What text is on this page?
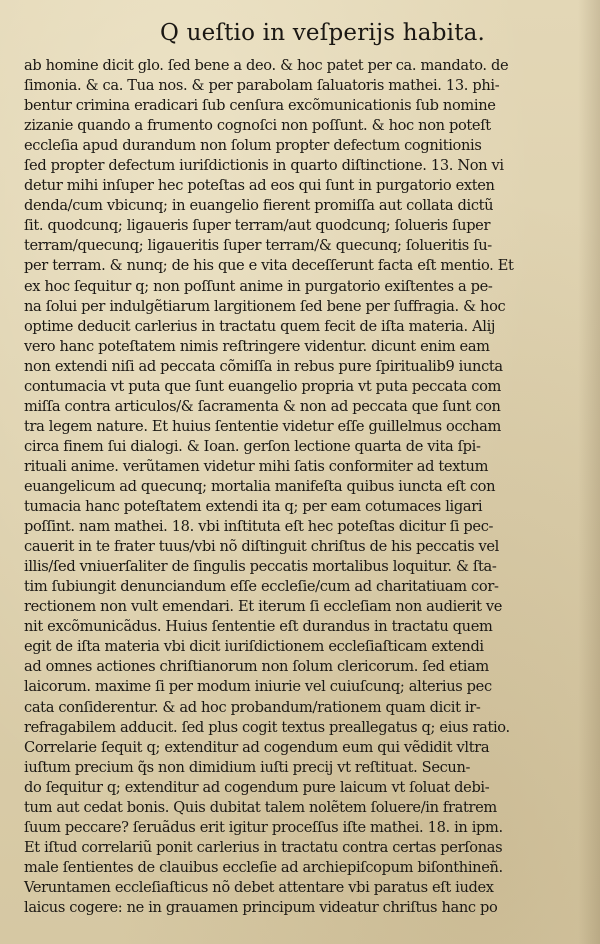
Q ueſtio in veſperijs habita.
ab homine dicit glo. ſed bene a deo. & hoc patet per ca. mandato. de
ſimonia. & ca. Tua nos. & per parabolam ſaluatoris mathei. 13. phi-
bentur crimina eradicari ſub cenſura excõmunicationis ſub nomine
zizanie quando a frumento cognoſci non poſſunt. & hoc non poteſt
eccleſia apud durandum non ſolum propter defectum cognitionis
ſed propter defectum iuriſdictionis in quarto diſtinctione. 13. Non vi
detur mihi inſuper hec poteſtas ad eos qui ſunt in purgatorio exten
denda/cum vbicunq; in euangelio fierent promiſſa aut collata dictũ
ſit. quodcunq; ligaueris ſuper terram/aut quodcunq; ſolueris ſuper
terram/quecunq; ligaueritis ſuper terram/& quecunq; ſolueritis ſu-
per terram. & nunq; de his que e vita deceſſerunt facta eſt mentio. Et
ex hoc ſequitur q; non poſſunt anime in purgatorio exiſtentes a pe-
na ſolui per indulgẽtiarum largitionem ſed bene per ſuffragia. & hoc
optime deducit carlerius in tractatu quem fecit de iſta materia. Alij
vero hanc poteſtatem nimis reſtringere videntur. dicunt enim eam
non extendi niſi ad peccata cõmiſſa in rebus pure ſpiritualib9 iuncta
contumacia vt puta que ſunt euangelio propria vt puta peccata com
miſſa contra articulos/& ſacramenta & non ad peccata que ſunt con
tra legem nature. Et huius ſententie videtur eſſe guillelmus occham
circa finem ſui dialogi. & Ioan. gerſon lectione quarta de vita ſpi-
rituali anime. verũtamen videtur mihi ſatis conformiter ad textum
euangelicum ad quecunq; mortalia manifeſta quibus iuncta eſt con
tumacia hanc poteſtatem extendi ita q; per eam cotumaces ligari
poſſint. nam mathei. 18. vbi inſtituta eſt hec poteſtas dicitur ſi pec-
cauerit in te frater tuus/vbi nõ diſtinguit chriſtus de his peccatis vel
illis/ſed vniuerſaliter de ſingulis peccatis mortalibus loquitur. & ſta-
tim ſubiungit denunciandum eſſe eccleſie/cum ad charitatiuam cor-
rectionem non vult emendari. Et iterum ſi eccleſiam non audierit ve
nit excõmunicãdus. Huius ſententie eſt durandus in tractatu quem
egit de iſta materia vbi dicit iuriſdictionem eccleſiaſticam extendi
ad omnes actiones chriſtianorum non ſolum clericorum. ſed etiam
laicorum. maxime ſi per modum iniurie vel cuiuſcunq; alterius pec
cata conſiderentur. & ad hoc probandum/rationem quam dicit ir-
refragabilem adducit. ſed plus cogit textus preallegatus q; eius ratio.
Correlarie ſequit q; extenditur ad cogendum eum qui vẽdidit vltra
iuſtum precium q̃s non dimidium iuſti precij vt reſtituat. Secun-
do ſequitur q; extenditur ad cogendum pure laicum vt ſoluat debi-
tum aut cedat bonis. Quis dubitat talem nolẽtem ſoluere/in fratrem
ſuum peccare? ſeruãdus erit igitur proceſſus iſte mathei. 18. in ipm.
Et iſtud correlariũ ponit carlerius in tractatu contra certas perſonas
male ſentientes de clauibus eccleſie ad archiepiſcopum biſonthineñ.
Veruntamen eccleſiaſticus nõ debet attentare vbi paratus eſt iudex
laicus cogere: ne in grauamen principum videatur chriſtus hanc po
